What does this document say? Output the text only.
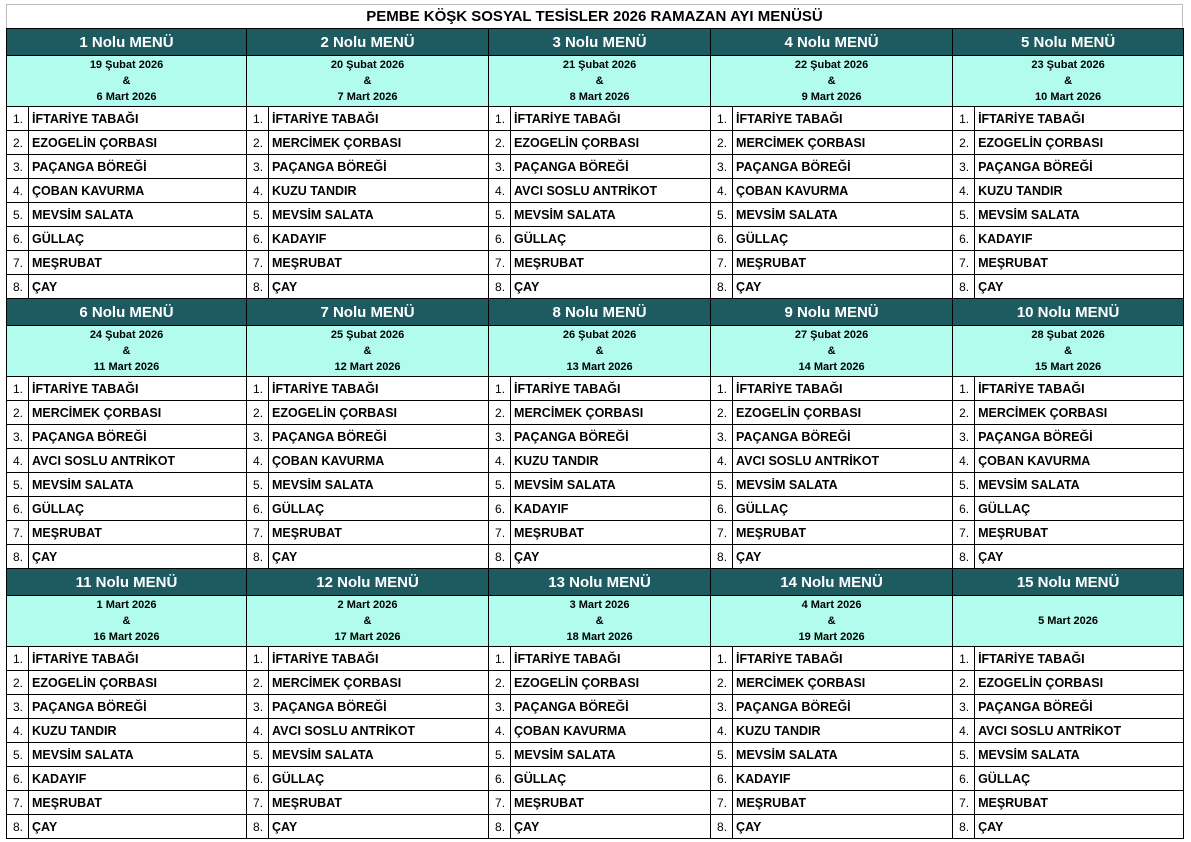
PEMBE KÖŞK SOSYAL TESİSLER 2026 RAMAZAN AYI MENÜSÜ
1 Nolu MENÜ		2 Nolu MENÜ		3 Nolu MENÜ		4 Nolu MENÜ		5 Nolu MENÜ	

19 Şubat 2026
&
6 Mart 2026		20 Şubat 2026
&
7 Mart 2026		21 Şubat 2026
&
8 Mart 2026		22 Şubat 2026
&
9 Mart 2026		23 Şubat 2026
&
10 Mart 2026	

1.	İFTARİYE TABAĞI	1.	İFTARİYE TABAĞI	1.	İFTARİYE TABAĞI	1.	İFTARİYE TABAĞI	1.	İFTARİYE TABAĞI
2.	EZOGELİN ÇORBASI	2.	MERCİMEK ÇORBASI	2.	EZOGELİN ÇORBASI	2.	MERCİMEK ÇORBASI	2.	EZOGELİN ÇORBASI
3.	PAÇANGA BÖREĞİ	3.	PAÇANGA BÖREĞİ	3.	PAÇANGA BÖREĞİ	3.	PAÇANGA BÖREĞİ	3.	PAÇANGA BÖREĞİ
4.	ÇOBAN KAVURMA	4.	KUZU TANDIR	4.	AVCI SOSLU ANTRİKOT	4.	ÇOBAN KAVURMA	4.	KUZU TANDIR
5.	MEVSİM SALATA	5.	MEVSİM SALATA	5.	MEVSİM SALATA	5.	MEVSİM SALATA	5.	MEVSİM SALATA
6.	GÜLLAÇ	6.	KADAYIF	6.	GÜLLAÇ	6.	GÜLLAÇ	6.	KADAYIF
7.	MEŞRUBAT	7.	MEŞRUBAT	7.	MEŞRUBAT	7.	MEŞRUBAT	7.	MEŞRUBAT
8.	ÇAY	8.	ÇAY	8.	ÇAY	8.	ÇAY	8.	ÇAY
6 Nolu MENÜ		7 Nolu MENÜ		8 Nolu MENÜ		9 Nolu MENÜ		10 Nolu MENÜ	

24 Şubat 2026
&
11 Mart 2026		25 Şubat 2026
&
12 Mart 2026		26 Şubat 2026
&
13 Mart 2026		27 Şubat 2026
&
14 Mart 2026		28 Şubat 2026
&
15 Mart 2026	

1.	İFTARİYE TABAĞI	1.	İFTARİYE TABAĞI	1.	İFTARİYE TABAĞI	1.	İFTARİYE TABAĞI	1.	İFTARİYE TABAĞI
2.	MERCİMEK ÇORBASI	2.	EZOGELİN ÇORBASI	2.	MERCİMEK ÇORBASI	2.	EZOGELİN ÇORBASI	2.	MERCİMEK ÇORBASI
3.	PAÇANGA BÖREĞİ	3.	PAÇANGA BÖREĞİ	3.	PAÇANGA BÖREĞİ	3.	PAÇANGA BÖREĞİ	3.	PAÇANGA BÖREĞİ
4.	AVCI SOSLU ANTRİKOT	4.	ÇOBAN KAVURMA	4.	KUZU TANDIR	4.	AVCI SOSLU ANTRİKOT	4.	ÇOBAN KAVURMA
5.	MEVSİM SALATA	5.	MEVSİM SALATA	5.	MEVSİM SALATA	5.	MEVSİM SALATA	5.	MEVSİM SALATA
6.	GÜLLAÇ	6.	GÜLLAÇ	6.	KADAYIF	6.	GÜLLAÇ	6.	GÜLLAÇ
7.	MEŞRUBAT	7.	MEŞRUBAT	7.	MEŞRUBAT	7.	MEŞRUBAT	7.	MEŞRUBAT
8.	ÇAY	8.	ÇAY	8.	ÇAY	8.	ÇAY	8.	ÇAY
11 Nolu MENÜ		12 Nolu MENÜ		13 Nolu MENÜ		14 Nolu MENÜ		15 Nolu MENÜ	

1 Mart 2026
&
16 Mart 2026		2 Mart 2026
&
17 Mart 2026		3 Mart 2026
&
18 Mart 2026		4 Mart 2026
&
19 Mart 2026		5 Mart 2026	

1.	İFTARİYE TABAĞI	1.	İFTARİYE TABAĞI	1.	İFTARİYE TABAĞI	1.	İFTARİYE TABAĞI	1.	İFTARİYE TABAĞI
2.	EZOGELİN ÇORBASI	2.	MERCİMEK ÇORBASI	2.	EZOGELİN ÇORBASI	2.	MERCİMEK ÇORBASI	2.	EZOGELİN ÇORBASI
3.	PAÇANGA BÖREĞİ	3.	PAÇANGA BÖREĞİ	3.	PAÇANGA BÖREĞİ	3.	PAÇANGA BÖREĞİ	3.	PAÇANGA BÖREĞİ
4.	KUZU TANDIR	4.	AVCI SOSLU ANTRİKOT	4.	ÇOBAN KAVURMA	4.	KUZU TANDIR	4.	AVCI SOSLU ANTRİKOT
5.	MEVSİM SALATA	5.	MEVSİM SALATA	5.	MEVSİM SALATA	5.	MEVSİM SALATA	5.	MEVSİM SALATA
6.	KADAYIF	6.	GÜLLAÇ	6.	GÜLLAÇ	6.	KADAYIF	6.	GÜLLAÇ
7.	MEŞRUBAT	7.	MEŞRUBAT	7.	MEŞRUBAT	7.	MEŞRUBAT	7.	MEŞRUBAT
8.	ÇAY	8.	ÇAY	8.	ÇAY	8.	ÇAY	8.	ÇAY
